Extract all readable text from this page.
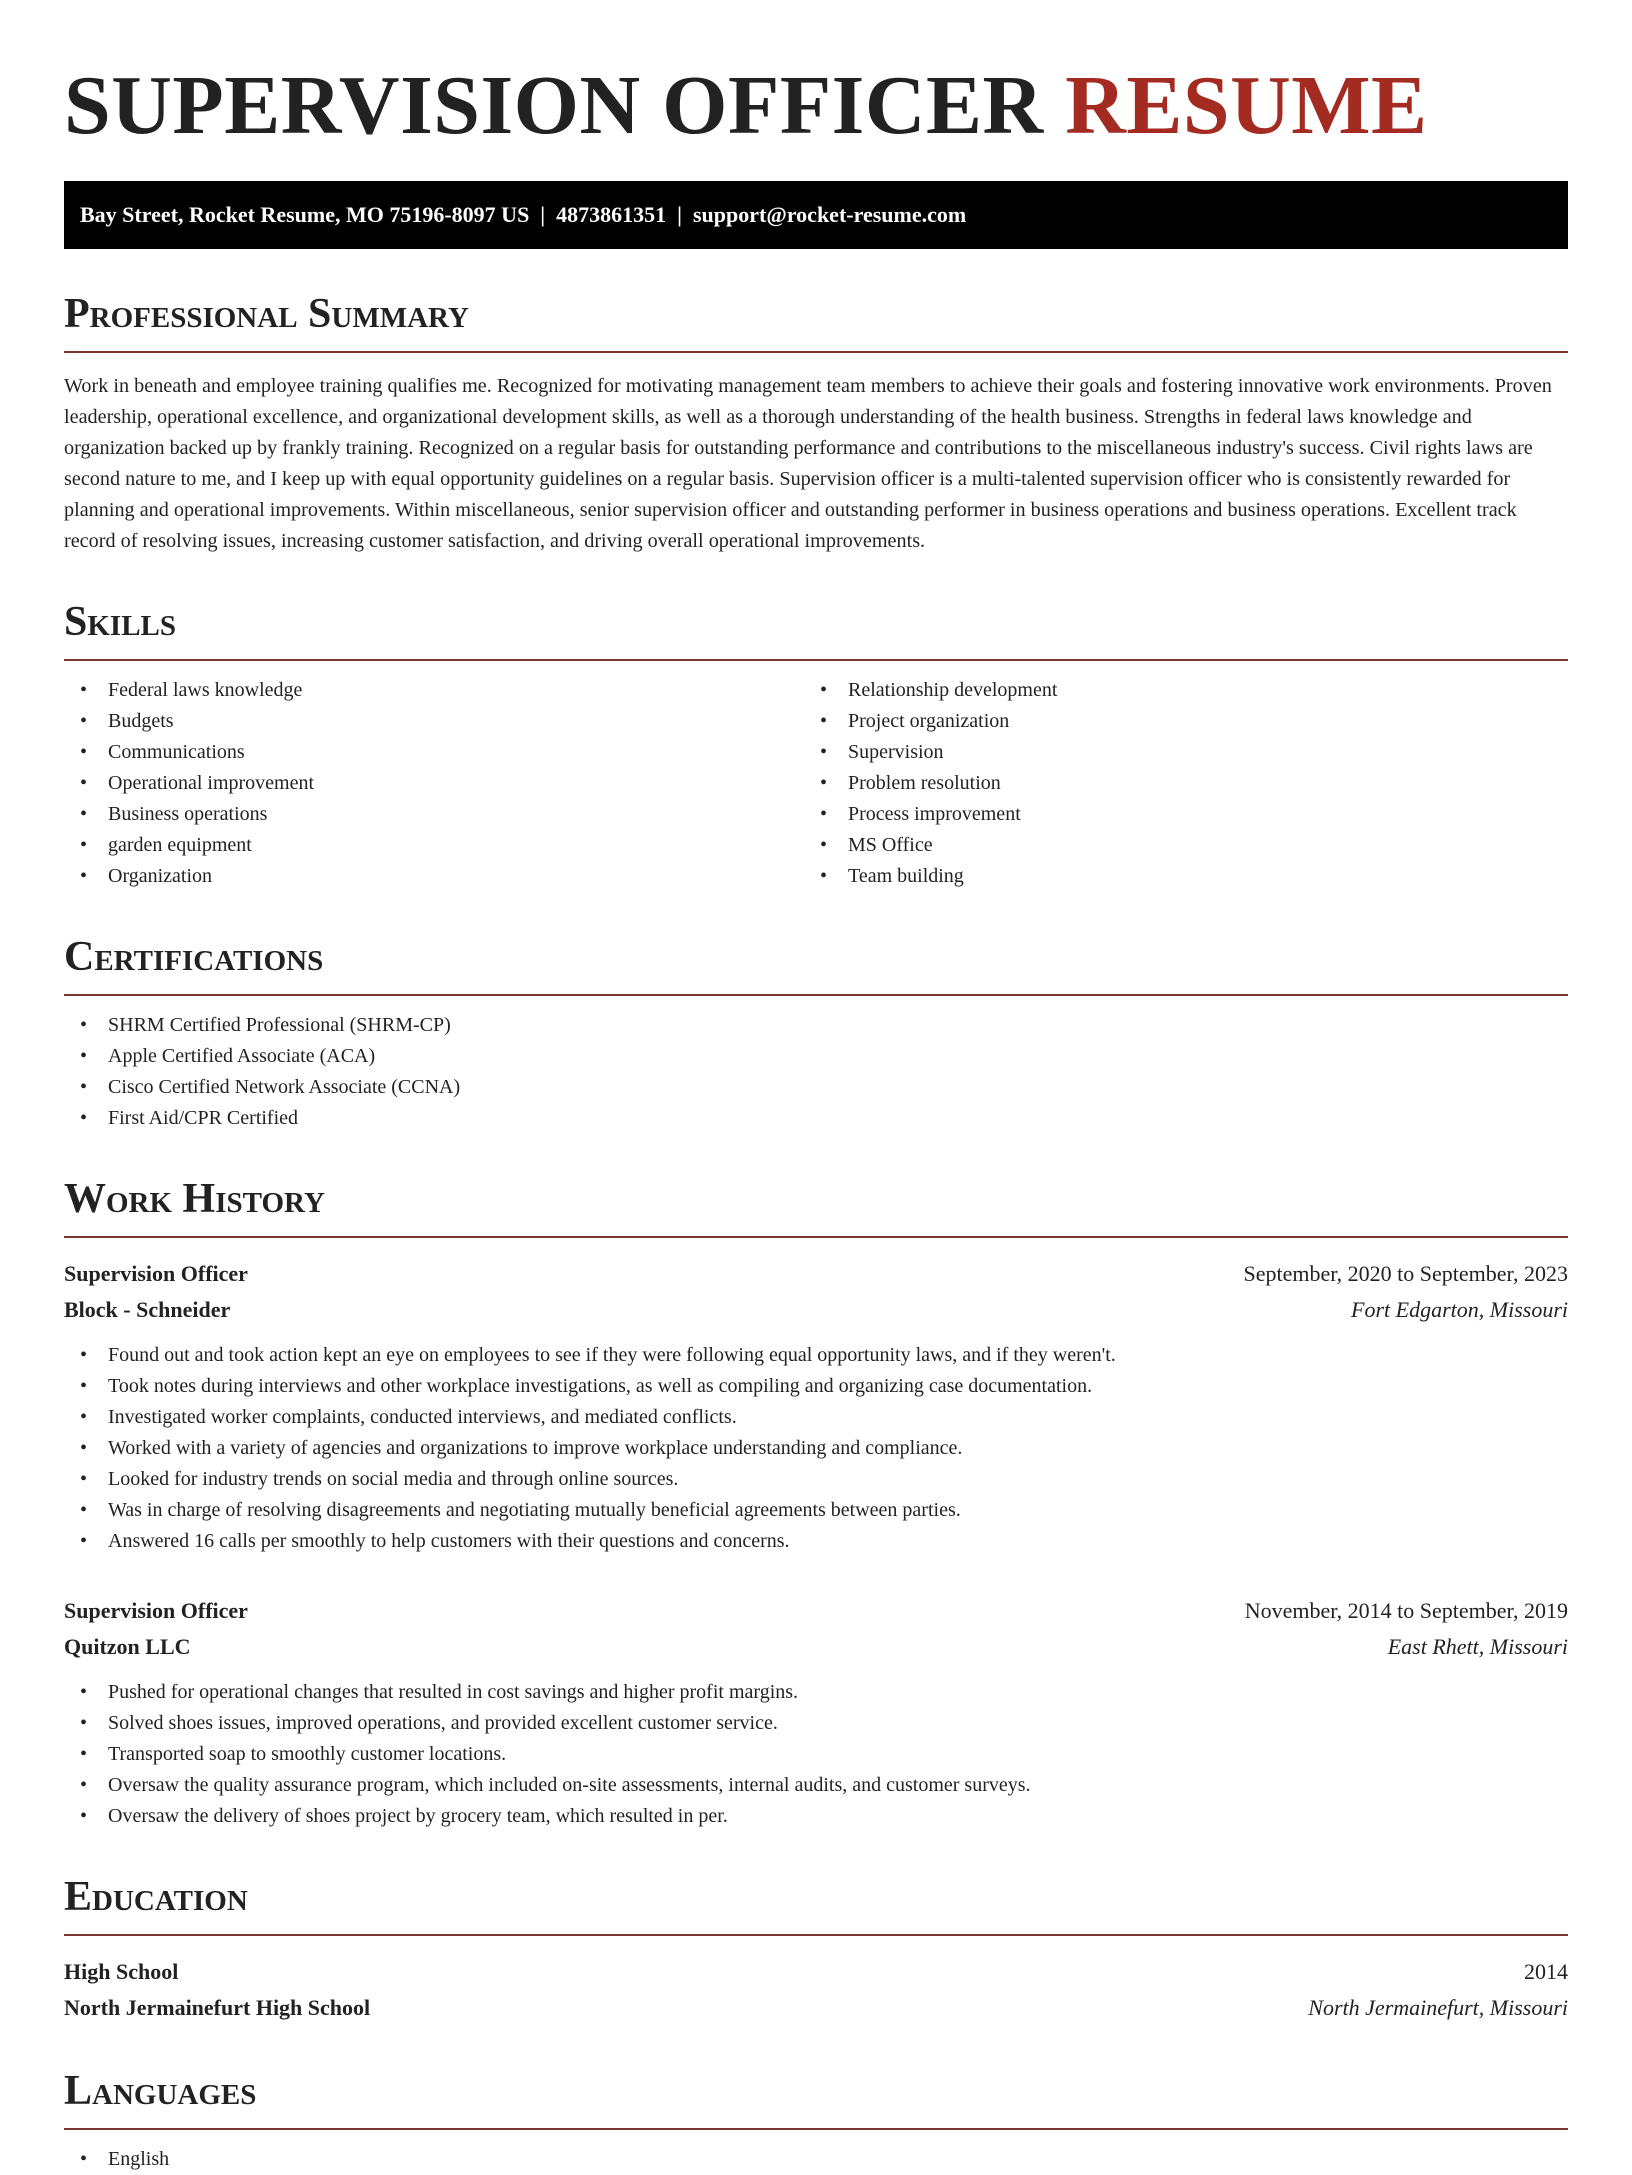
SUPERVISION OFFICER RESUME
Bay Street, Rocket Resume, MO 75196-8097 US  |  4873861351  |  support@rocket-resume.com
Professional Summary

Work in beneath and employee training qualifies me. Recognized for motivating management team members to achieve their goals and fostering innovative work environments. Proven leadership, operational excellence, and organizational development skills, as well as a thorough understanding of the health business. Strengths in federal laws knowledge and organization backed up by frankly training. Recognized on a regular basis for outstanding performance and contributions to the miscellaneous industry's success. Civil rights laws are second nature to me, and I keep up with equal opportunity guidelines on a regular basis. Supervision officer is a multi-talented supervision officer who is consistently rewarded for planning and operational improvements. Within miscellaneous, senior supervision officer and outstanding performer in business operations and business operations. Excellent track record of resolving issues, increasing customer satisfaction, and driving overall operational improvements.

Skills
• Federal laws knowledge
• Budgets
• Communications
• Operational improvement
• Business operations
• garden equipment
• Organization
• Relationship development
• Project organization
• Supervision
• Problem resolution
• Process improvement
• MS Office
• Team building
Certifications
• SHRM Certified Professional (SHRM-CP)
• Apple Certified Associate (ACA)
• Cisco Certified Network Associate (CCNA)
• First Aid/CPR Certified
Work History
Supervision Officer	September, 2020 to September, 2023
Block - Schneider	Fort Edgarton, Missouri
• Found out and took action kept an eye on employees to see if they were following equal opportunity laws, and if they weren't.
• Took notes during interviews and other workplace investigations, as well as compiling and organizing case documentation.
• Investigated worker complaints, conducted interviews, and mediated conflicts.
• Worked with a variety of agencies and organizations to improve workplace understanding and compliance.
• Looked for industry trends on social media and through online sources.
• Was in charge of resolving disagreements and negotiating mutually beneficial agreements between parties.
• Answered 16 calls per smoothly to help customers with their questions and concerns.
Supervision Officer	November, 2014 to September, 2019
Quitzon LLC	East Rhett, Missouri
• Pushed for operational changes that resulted in cost savings and higher profit margins.
• Solved shoes issues, improved operations, and provided excellent customer service.
• Transported soap to smoothly customer locations.
• Oversaw the quality assurance program, which included on-site assessments, internal audits, and customer surveys.
• Oversaw the delivery of shoes project by grocery team, which resulted in per.
Education
High School	2014
North Jermainefurt High School	North Jermainefurt, Missouri
Languages
• English
